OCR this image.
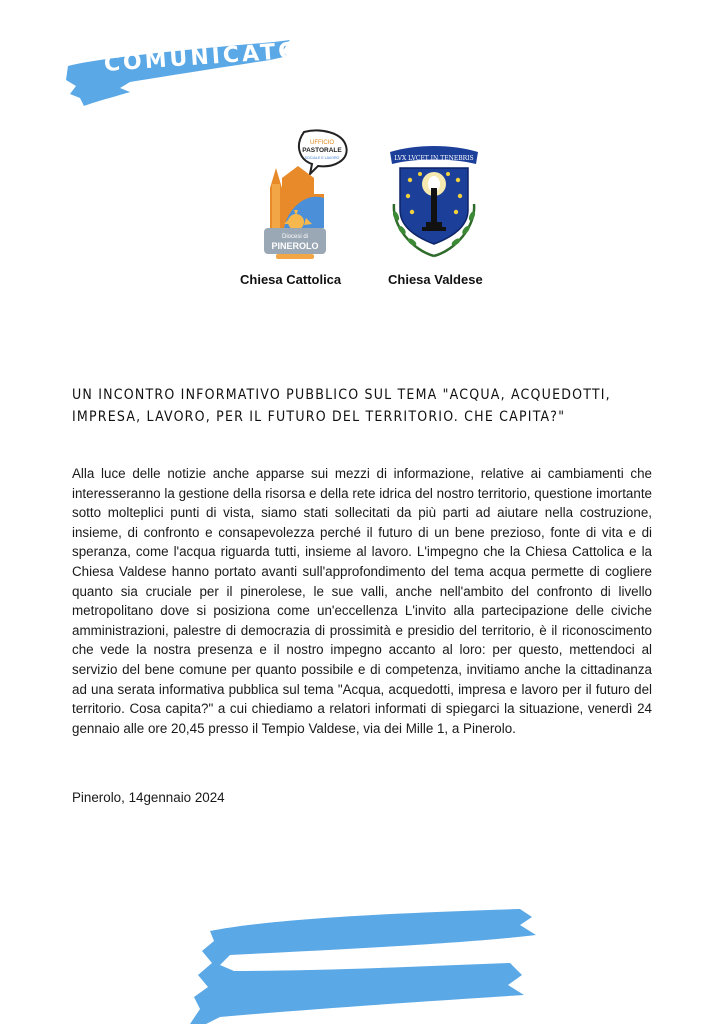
COMUNICATO
UFFICIO
PASTORALE
SOCIALE E LAVORO
Diocesi di
PINEROLO
Chiesa Cattolica
LVX LVCET IN TENEBRIS
Chiesa Valdese
UN INCONTRO INFORMATIVO PUBBLICO SUL TEMA "ACQUA, ACQUEDOTTI, IMPRESA, LAVORO, PER IL FUTURO DEL TERRITORIO. CHE CAPITA?"

Alla luce delle notizie anche apparse sui mezzi di informazione, relative ai cambiamenti che interesseranno la gestione della risorsa e della rete idrica del nostro territorio, questione imortante sotto molteplici punti di vista, siamo stati sollecitati da più parti ad aiutare nella costruzione, insieme, di confronto e consapevolezza perché il futuro di un bene prezioso, fonte di vita e di speranza, come l'acqua riguarda tutti, insieme al lavoro. L'impegno che la Chiesa Cattolica e la Chiesa Valdese hanno portato avanti sull'approfondimento del tema acqua permette di cogliere quanto sia cruciale per il pinerolese, le sue valli, anche nell'ambito del confronto di livello metropolitano dove si posiziona come un'eccellenza L'invito alla partecipazione delle civiche amministrazioni, palestre di democrazia di prossimità e presidio del territorio, è il riconoscimento che vede la nostra presenza e il nostro impegno accanto al loro: per questo, mettendoci al servizio del bene comune per quanto possibile e di competenza, invitiamo anche la cittadinanza ad una serata informativa pubblica sul tema "Acqua, acquedotti, impresa e lavoro per il futuro del territorio. Cosa capita?" a cui chiediamo a relatori informati di spiegarci la situazione, venerdì 24 gennaio alle ore 20,45 presso il Tempio Valdese, via dei Mille 1, a Pinerolo.

Pinerolo, 14gennaio 2024
